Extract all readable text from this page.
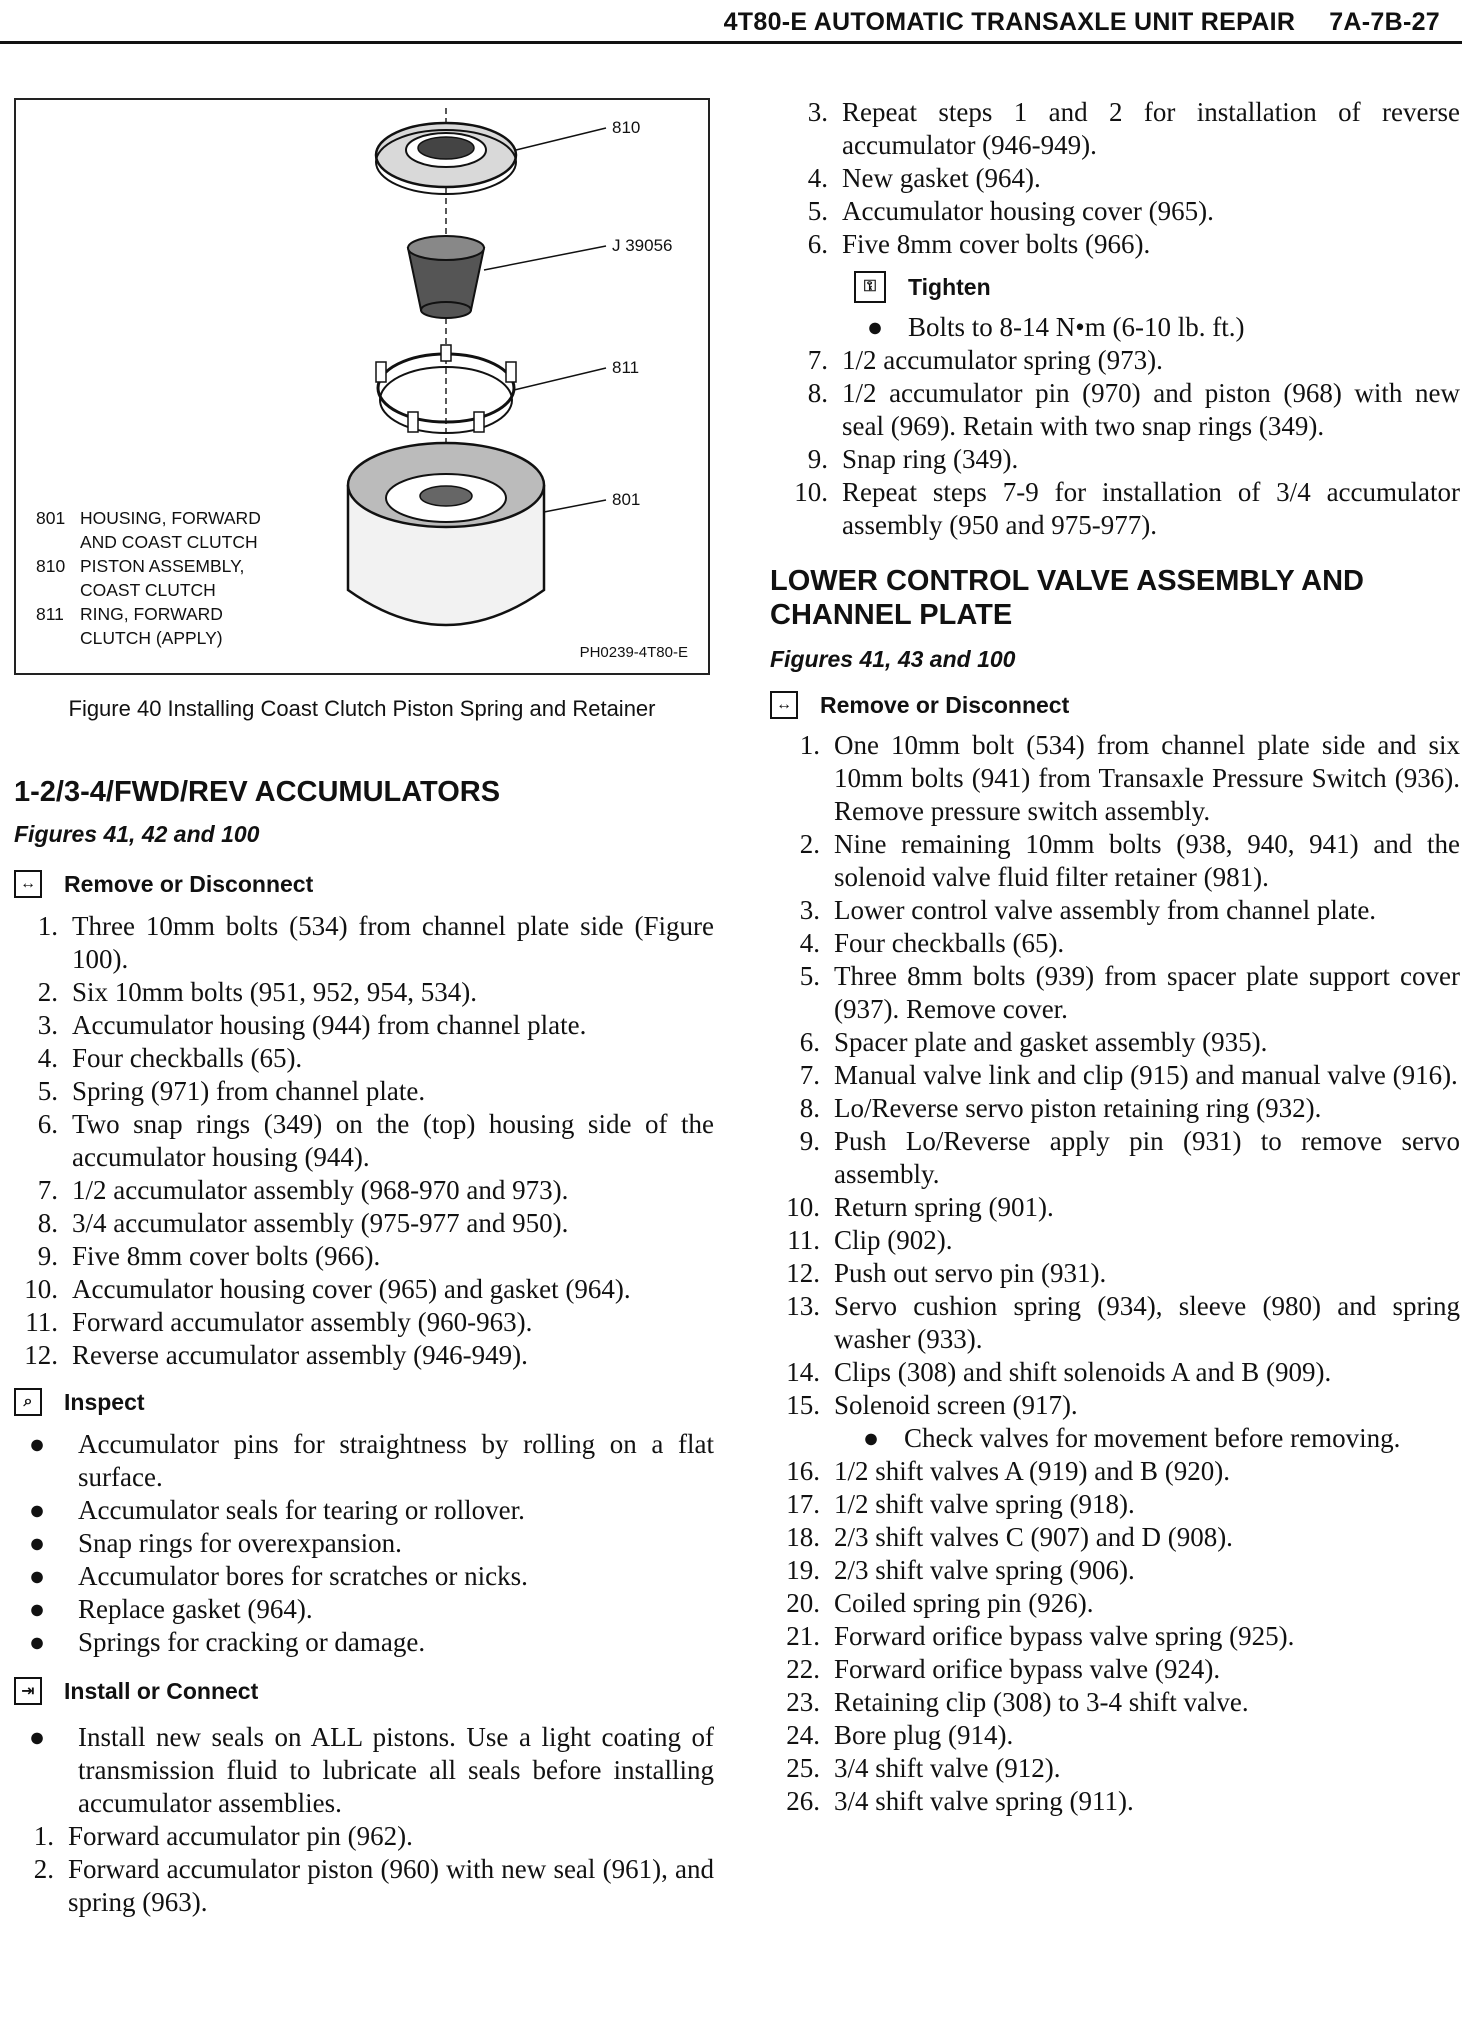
4T80-E AUTOMATIC TRANSAXLE UNIT REPAIR 7A-7B-27
810
J 39056
811
801
801 HOUSING, FORWARD
AND COAST CLUTCH
810 PISTON ASSEMBLY,
COAST CLUTCH
811 RING, FORWARD
CLUTCH (APPLY)
PH0239-4T80-E
Figure 40 Installing Coast Clutch Piston Spring and Retainer
1-2/3-4/FWD/REV ACCUMULATORS
Figures 41, 42 and 100
↔ Remove or Disconnect
1. Three 10mm bolts (534) from channel plate side (Figure 100).
2. Six 10mm bolts (951, 952, 954, 534).
3. Accumulator housing (944) from channel plate.
4. Four checkballs (65).
5. Spring (971) from channel plate.
6. Two snap rings (349) on the (top) housing side of the accumulator housing (944).
7. 1/2 accumulator assembly (968-970 and 973).
8. 3/4 accumulator assembly (975-977 and 950).
9. Five 8mm cover bolts (966).
10. Accumulator housing cover (965) and gasket (964).
11. Forward accumulator assembly (960-963).
12. Reverse accumulator assembly (946-949).
⌕	Inspect
●	Accumulator pins for straightness by rolling on a flat surface.
●	Accumulator seals for tearing or rollover.
●	Snap rings for overexpansion.
●	Accumulator bores for scratches or nicks.
●	Replace gasket (964).
●	Springs for cracking or damage.
⇥	Install or Connect
●	Install new seals on ALL pistons. Use a light coating of transmission fluid to lubricate all seals before installing accumulator assemblies.
1. Forward accumulator pin (962).
2. Forward accumulator piston (960) with new seal (961), and spring (963).
3. Repeat steps 1 and 2 for installation of reverse accumulator (946-949).
4. New gasket (964).
5. Accumulator housing cover (965).
6. Five 8mm cover bolts (966).
⚿	Tighten
● Bolts to 8-14 N•m (6-10 lb. ft.)
7. 1/2 accumulator spring (973).
8. 1/2 accumulator pin (970) and piston (968) with new seal (969). Retain with two snap rings (349).
9. Snap ring (349).
10. Repeat steps 7-9 for installation of 3/4 accumulator assembly (950 and 975-977).
LOWER CONTROL VALVE ASSEMBLY AND CHANNEL PLATE
Figures 41, 43 and 100
↔ Remove or Disconnect
1. One 10mm bolt (534) from channel plate side and six 10mm bolts (941) from Transaxle Pressure Switch (936). Remove pressure switch assembly.
2. Nine remaining 10mm bolts (938, 940, 941) and the solenoid valve fluid filter retainer (981).
3. Lower control valve assembly from channel plate.
4. Four checkballs (65).
5. Three 8mm bolts (939) from spacer plate support cover (937). Remove cover.
6. Spacer plate and gasket assembly (935).
7. Manual valve link and clip (915) and manual valve (916).
8. Lo/Reverse servo piston retaining ring (932).
9. Push Lo/Reverse apply pin (931) to remove servo assembly.
10. Return spring (901).
11. Clip (902).
12. Push out servo pin (931).
13. Servo cushion spring (934), sleeve (980) and spring washer (933).
14. Clips (308) and shift solenoids A and B (909).
15. Solenoid screen (917).
● Check valves for movement before removing.
16. 1/2 shift valves A (919) and B (920).
17. 1/2 shift valve spring (918).
18. 2/3 shift valves C (907) and D (908).
19. 2/3 shift valve spring (906).
20. Coiled spring pin (926).
21. Forward orifice bypass valve spring (925).
22. Forward orifice bypass valve (924).
23. Retaining clip (308) to 3-4 shift valve.
24. Bore plug (914).
25. 3/4 shift valve (912).
26. 3/4 shift valve spring (911).
